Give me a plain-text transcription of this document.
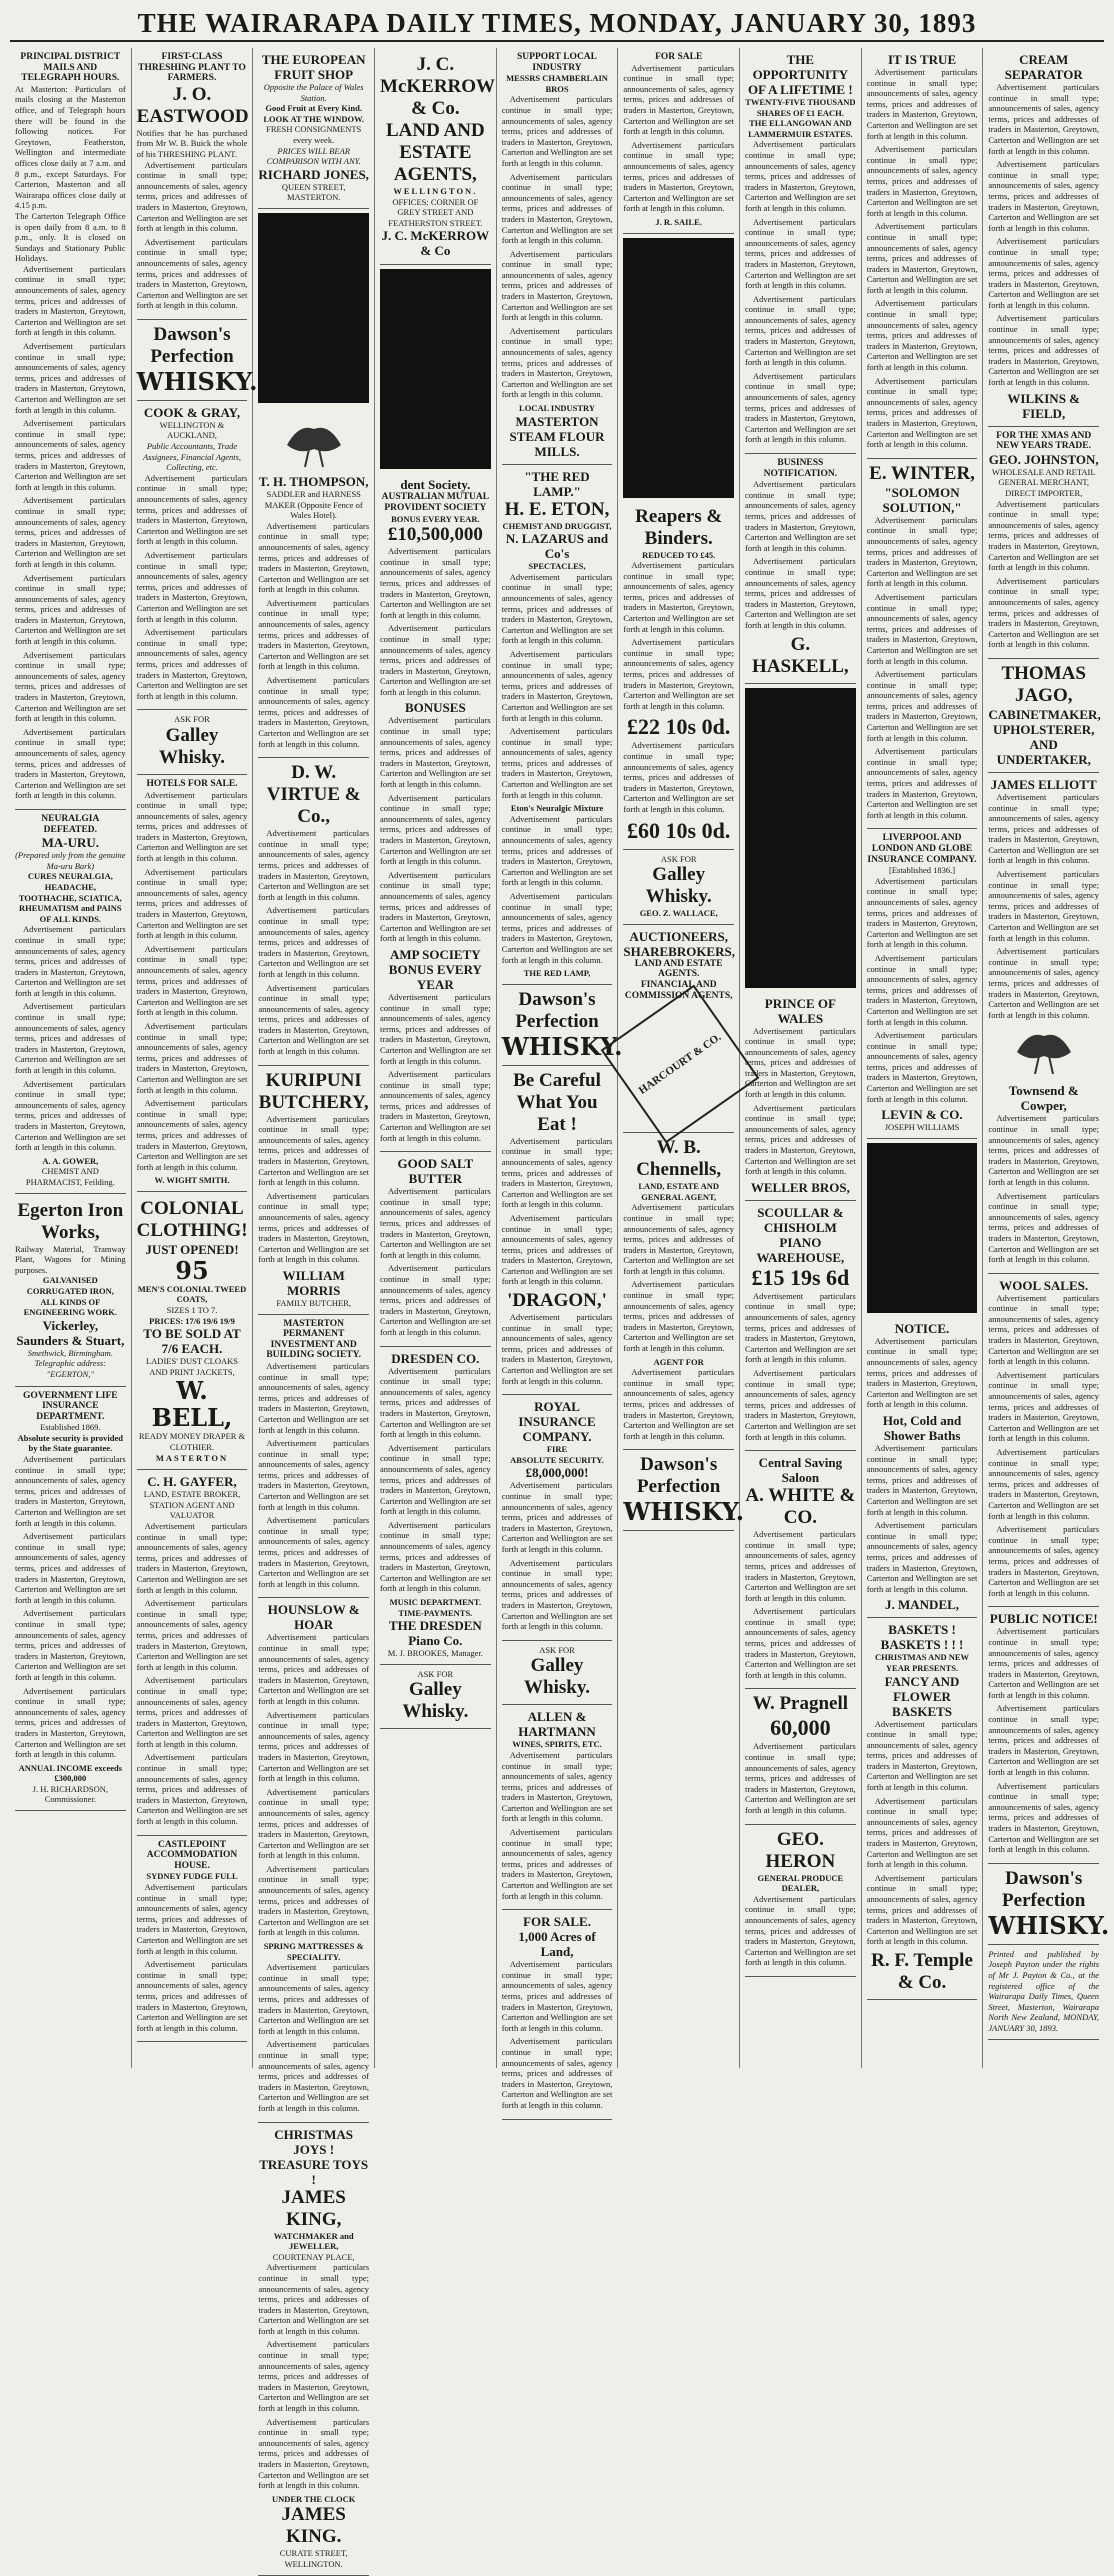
THE WAIRARAPA DAILY TIMES, MONDAY, JANUARY 30, 1893
PRINCIPAL DISTRICT MAILS AND TELEGRAPH HOURS.
At Masterton: Particulars of mails closing at the Masterton office, and of Telegraph hours there will be found in the following notices. For Greytown, Featherston, Wellington and intermediate offices close daily at 7 a.m. and 8 p.m., except Saturdays. For Carterton, Masterton and all Wairarapa offices close daily at 4.15 p.m.
The Carterton Telegraph Office is open daily from 8 a.m. to 8 p.m., only. It is closed on Sundays and Stationary Public Holidays.

Advertisement particulars continue in small type; announcements of sales, agency terms, prices and addresses of traders in Masterton, Greytown, Carterton and Wellington are set forth at length in this column.

Advertisement particulars continue in small type; announcements of sales, agency terms, prices and addresses of traders in Masterton, Greytown, Carterton and Wellington are set forth at length in this column.

Advertisement particulars continue in small type; announcements of sales, agency terms, prices and addresses of traders in Masterton, Greytown, Carterton and Wellington are set forth at length in this column.

Advertisement particulars continue in small type; announcements of sales, agency terms, prices and addresses of traders in Masterton, Greytown, Carterton and Wellington are set forth at length in this column.

Advertisement particulars continue in small type; announcements of sales, agency terms, prices and addresses of traders in Masterton, Greytown, Carterton and Wellington are set forth at length in this column.

Advertisement particulars continue in small type; announcements of sales, agency terms, prices and addresses of traders in Masterton, Greytown, Carterton and Wellington are set forth at length in this column.

Advertisement particulars continue in small type; announcements of sales, agency terms, prices and addresses of traders in Masterton, Greytown, Carterton and Wellington are set forth at length in this column.

NEURALGIA DEFEATED.
MA-URU.
(Prepared only from the genuine Ma-uru Bark)
CURES NEURALGIA, HEADACHE, TOOTHACHE, SCIATICA, RHEUMATISM and PAINS OF ALL KINDS.

Advertisement particulars continue in small type; announcements of sales, agency terms, prices and addresses of traders in Masterton, Greytown, Carterton and Wellington are set forth at length in this column.

Advertisement particulars continue in small type; announcements of sales, agency terms, prices and addresses of traders in Masterton, Greytown, Carterton and Wellington are set forth at length in this column.

Advertisement particulars continue in small type; announcements of sales, agency terms, prices and addresses of traders in Masterton, Greytown, Carterton and Wellington are set forth at length in this column.

A. A. GOWER,
CHEMIST AND PHARMACIST, Feilding.
Egerton Iron Works,
Railway Material, Tramway Plant, Wagons for Mining purposes.
GALVANISED CORRUGATED IRON,
ALL KINDS OF ENGINEERING WORK.
Vickerley, Saunders & Stuart,
Smethwick, Birmingham.
Telegraphic address: "EGERTON,"
GOVERNMENT LIFE INSURANCE DEPARTMENT.
Established 1869.
Absolute security is provided by the State guarantee.

Advertisement particulars continue in small type; announcements of sales, agency terms, prices and addresses of traders in Masterton, Greytown, Carterton and Wellington are set forth at length in this column.

Advertisement particulars continue in small type; announcements of sales, agency terms, prices and addresses of traders in Masterton, Greytown, Carterton and Wellington are set forth at length in this column.

Advertisement particulars continue in small type; announcements of sales, agency terms, prices and addresses of traders in Masterton, Greytown, Carterton and Wellington are set forth at length in this column.

Advertisement particulars continue in small type; announcements of sales, agency terms, prices and addresses of traders in Masterton, Greytown, Carterton and Wellington are set forth at length in this column.

ANNUAL INCOME exceeds £300,000
J. H. RICHARDSON, Commissioner.
FIRST-CLASS THRESHING PLANT TO FARMERS.
J. O. EASTWOOD
Notifies that he has purchased from Mr W. B. Buick the whole of his THRESHING PLANT.

Advertisement particulars continue in small type; announcements of sales, agency terms, prices and addresses of traders in Masterton, Greytown, Carterton and Wellington are set forth at length in this column.

Advertisement particulars continue in small type; announcements of sales, agency terms, prices and addresses of traders in Masterton, Greytown, Carterton and Wellington are set forth at length in this column.

Dawson's Perfection
WHISKY.
COOK & GRAY,
WELLINGTON & AUCKLAND,
Public Accountants, Trade Assignees, Financial Agents, Collecting, etc.

Advertisement particulars continue in small type; announcements of sales, agency terms, prices and addresses of traders in Masterton, Greytown, Carterton and Wellington are set forth at length in this column.

Advertisement particulars continue in small type; announcements of sales, agency terms, prices and addresses of traders in Masterton, Greytown, Carterton and Wellington are set forth at length in this column.

Advertisement particulars continue in small type; announcements of sales, agency terms, prices and addresses of traders in Masterton, Greytown, Carterton and Wellington are set forth at length in this column.

ASK FOR
Galley Whisky.
HOTELS FOR SALE.

Advertisement particulars continue in small type; announcements of sales, agency terms, prices and addresses of traders in Masterton, Greytown, Carterton and Wellington are set forth at length in this column.

Advertisement particulars continue in small type; announcements of sales, agency terms, prices and addresses of traders in Masterton, Greytown, Carterton and Wellington are set forth at length in this column.

Advertisement particulars continue in small type; announcements of sales, agency terms, prices and addresses of traders in Masterton, Greytown, Carterton and Wellington are set forth at length in this column.

Advertisement particulars continue in small type; announcements of sales, agency terms, prices and addresses of traders in Masterton, Greytown, Carterton and Wellington are set forth at length in this column.

Advertisement particulars continue in small type; announcements of sales, agency terms, prices and addresses of traders in Masterton, Greytown, Carterton and Wellington are set forth at length in this column.

W. WIGHT SMITH.
COLONIAL CLOTHING!
JUST OPENED!
95
MEN'S COLONIAL TWEED COATS,
SIZES 1 TO 7.
PRICES: 17/6 19/6 19/9
TO BE SOLD AT 7/6 EACH.
LADIES' DUST CLOAKS AND PRINT JACKETS,
W. BELL,
READY MONEY DRAPER & CLOTHIER.
MASTERTON
C. H. GAYFER,
LAND, ESTATE BROKER, STATION AGENT AND VALUATOR

Advertisement particulars continue in small type; announcements of sales, agency terms, prices and addresses of traders in Masterton, Greytown, Carterton and Wellington are set forth at length in this column.

Advertisement particulars continue in small type; announcements of sales, agency terms, prices and addresses of traders in Masterton, Greytown, Carterton and Wellington are set forth at length in this column.

Advertisement particulars continue in small type; announcements of sales, agency terms, prices and addresses of traders in Masterton, Greytown, Carterton and Wellington are set forth at length in this column.

Advertisement particulars continue in small type; announcements of sales, agency terms, prices and addresses of traders in Masterton, Greytown, Carterton and Wellington are set forth at length in this column.

CASTLEPOINT ACCOMMODATION HOUSE.
SYDNEY FUDGE FULL

Advertisement particulars continue in small type; announcements of sales, agency terms, prices and addresses of traders in Masterton, Greytown, Carterton and Wellington are set forth at length in this column.

Advertisement particulars continue in small type; announcements of sales, agency terms, prices and addresses of traders in Masterton, Greytown, Carterton and Wellington are set forth at length in this column.

THE EUROPEAN FRUIT SHOP
Opposite the Palace of Wales Station.
Good Fruit at Every Kind.
LOOK AT THE WINDOW.
FRESH CONSIGNMENTS every week.
PRICES WILL BEAR COMPARISON WITH ANY.
RICHARD JONES,
QUEEN STREET, MASTERTON.
T. H. THOMPSON,
SADDLER and HARNESS MAKER (Opposite Fence of Wales Hotel).

Advertisement particulars continue in small type; announcements of sales, agency terms, prices and addresses of traders in Masterton, Greytown, Carterton and Wellington are set forth at length in this column.

Advertisement particulars continue in small type; announcements of sales, agency terms, prices and addresses of traders in Masterton, Greytown, Carterton and Wellington are set forth at length in this column.

Advertisement particulars continue in small type; announcements of sales, agency terms, prices and addresses of traders in Masterton, Greytown, Carterton and Wellington are set forth at length in this column.

D. W. VIRTUE & Co.,

Advertisement particulars continue in small type; announcements of sales, agency terms, prices and addresses of traders in Masterton, Greytown, Carterton and Wellington are set forth at length in this column.

Advertisement particulars continue in small type; announcements of sales, agency terms, prices and addresses of traders in Masterton, Greytown, Carterton and Wellington are set forth at length in this column.

Advertisement particulars continue in small type; announcements of sales, agency terms, prices and addresses of traders in Masterton, Greytown, Carterton and Wellington are set forth at length in this column.

KURIPUNI BUTCHERY,

Advertisement particulars continue in small type; announcements of sales, agency terms, prices and addresses of traders in Masterton, Greytown, Carterton and Wellington are set forth at length in this column.

Advertisement particulars continue in small type; announcements of sales, agency terms, prices and addresses of traders in Masterton, Greytown, Carterton and Wellington are set forth at length in this column.

WILLIAM MORRIS
FAMILY BUTCHER,
MASTERTON PERMANENT INVESTMENT AND BUILDING SOCIETY.

Advertisement particulars continue in small type; announcements of sales, agency terms, prices and addresses of traders in Masterton, Greytown, Carterton and Wellington are set forth at length in this column.

Advertisement particulars continue in small type; announcements of sales, agency terms, prices and addresses of traders in Masterton, Greytown, Carterton and Wellington are set forth at length in this column.

Advertisement particulars continue in small type; announcements of sales, agency terms, prices and addresses of traders in Masterton, Greytown, Carterton and Wellington are set forth at length in this column.

HOUNSLOW & HOAR

Advertisement particulars continue in small type; announcements of sales, agency terms, prices and addresses of traders in Masterton, Greytown, Carterton and Wellington are set forth at length in this column.

Advertisement particulars continue in small type; announcements of sales, agency terms, prices and addresses of traders in Masterton, Greytown, Carterton and Wellington are set forth at length in this column.

Advertisement particulars continue in small type; announcements of sales, agency terms, prices and addresses of traders in Masterton, Greytown, Carterton and Wellington are set forth at length in this column.

Advertisement particulars continue in small type; announcements of sales, agency terms, prices and addresses of traders in Masterton, Greytown, Carterton and Wellington are set forth at length in this column.

SPRING MATTRESSES & SPECIALITY.

Advertisement particulars continue in small type; announcements of sales, agency terms, prices and addresses of traders in Masterton, Greytown, Carterton and Wellington are set forth at length in this column.

Advertisement particulars continue in small type; announcements of sales, agency terms, prices and addresses of traders in Masterton, Greytown, Carterton and Wellington are set forth at length in this column.

CHRISTMAS JOYS !
TREASURE TOYS !
JAMES KING,
WATCHMAKER and JEWELLER,
COURTENAY PLACE,

Advertisement particulars continue in small type; announcements of sales, agency terms, prices and addresses of traders in Masterton, Greytown, Carterton and Wellington are set forth at length in this column.

Advertisement particulars continue in small type; announcements of sales, agency terms, prices and addresses of traders in Masterton, Greytown, Carterton and Wellington are set forth at length in this column.

Advertisement particulars continue in small type; announcements of sales, agency terms, prices and addresses of traders in Masterton, Greytown, Carterton and Wellington are set forth at length in this column.

UNDER THE CLOCK
JAMES KING.
CURATE STREET, WELLINGTON.
J. C. McKERROW & Co.
LAND AND ESTATE
AGENTS,
WELLINGTON.
OFFICES: CORNER OF GREY STREET AND FEATHERSTON STREET.
J. C. McKERROW & Co
dent Society.
AUSTRALIAN MUTUAL PROVIDENT SOCIETY
BONUS EVERY YEAR.
£10,500,000

Advertisement particulars continue in small type; announcements of sales, agency terms, prices and addresses of traders in Masterton, Greytown, Carterton and Wellington are set forth at length in this column.

Advertisement particulars continue in small type; announcements of sales, agency terms, prices and addresses of traders in Masterton, Greytown, Carterton and Wellington are set forth at length in this column.

BONUSES

Advertisement particulars continue in small type; announcements of sales, agency terms, prices and addresses of traders in Masterton, Greytown, Carterton and Wellington are set forth at length in this column.

Advertisement particulars continue in small type; announcements of sales, agency terms, prices and addresses of traders in Masterton, Greytown, Carterton and Wellington are set forth at length in this column.

Advertisement particulars continue in small type; announcements of sales, agency terms, prices and addresses of traders in Masterton, Greytown, Carterton and Wellington are set forth at length in this column.

AMP SOCIETY
BONUS EVERY YEAR

Advertisement particulars continue in small type; announcements of sales, agency terms, prices and addresses of traders in Masterton, Greytown, Carterton and Wellington are set forth at length in this column.

Advertisement particulars continue in small type; announcements of sales, agency terms, prices and addresses of traders in Masterton, Greytown, Carterton and Wellington are set forth at length in this column.

GOOD SALT BUTTER

Advertisement particulars continue in small type; announcements of sales, agency terms, prices and addresses of traders in Masterton, Greytown, Carterton and Wellington are set forth at length in this column.

Advertisement particulars continue in small type; announcements of sales, agency terms, prices and addresses of traders in Masterton, Greytown, Carterton and Wellington are set forth at length in this column.

DRESDEN CO.

Advertisement particulars continue in small type; announcements of sales, agency terms, prices and addresses of traders in Masterton, Greytown, Carterton and Wellington are set forth at length in this column.

Advertisement particulars continue in small type; announcements of sales, agency terms, prices and addresses of traders in Masterton, Greytown, Carterton and Wellington are set forth at length in this column.

Advertisement particulars continue in small type; announcements of sales, agency terms, prices and addresses of traders in Masterton, Greytown, Carterton and Wellington are set forth at length in this column.

MUSIC DEPARTMENT.
TIME-PAYMENTS.
THE DRESDEN Piano Co.
M. J. BROOKES, Manager.
ASK FOR
Galley Whisky.
SUPPORT LOCAL INDUSTRY
MESSRS CHAMBERLAIN BROS

Advertisement particulars continue in small type; announcements of sales, agency terms, prices and addresses of traders in Masterton, Greytown, Carterton and Wellington are set forth at length in this column.

Advertisement particulars continue in small type; announcements of sales, agency terms, prices and addresses of traders in Masterton, Greytown, Carterton and Wellington are set forth at length in this column.

Advertisement particulars continue in small type; announcements of sales, agency terms, prices and addresses of traders in Masterton, Greytown, Carterton and Wellington are set forth at length in this column.

Advertisement particulars continue in small type; announcements of sales, agency terms, prices and addresses of traders in Masterton, Greytown, Carterton and Wellington are set forth at length in this column.

LOCAL INDUSTRY
MASTERTON STEAM FLOUR MILLS.
"THE RED LAMP."
H. E. ETON,
CHEMIST AND DRUGGIST,
N. LAZARUS and Co's
SPECTACLES,

Advertisement particulars continue in small type; announcements of sales, agency terms, prices and addresses of traders in Masterton, Greytown, Carterton and Wellington are set forth at length in this column.

Advertisement particulars continue in small type; announcements of sales, agency terms, prices and addresses of traders in Masterton, Greytown, Carterton and Wellington are set forth at length in this column.

Advertisement particulars continue in small type; announcements of sales, agency terms, prices and addresses of traders in Masterton, Greytown, Carterton and Wellington are set forth at length in this column.

Eton's Neuralgic Mixture

Advertisement particulars continue in small type; announcements of sales, agency terms, prices and addresses of traders in Masterton, Greytown, Carterton and Wellington are set forth at length in this column.

Advertisement particulars continue in small type; announcements of sales, agency terms, prices and addresses of traders in Masterton, Greytown, Carterton and Wellington are set forth at length in this column.

THE RED LAMP,
Dawson's Perfection
WHISKY.
Be Careful What You Eat !

Advertisement particulars continue in small type; announcements of sales, agency terms, prices and addresses of traders in Masterton, Greytown, Carterton and Wellington are set forth at length in this column.

Advertisement particulars continue in small type; announcements of sales, agency terms, prices and addresses of traders in Masterton, Greytown, Carterton and Wellington are set forth at length in this column.

'DRAGON,'

Advertisement particulars continue in small type; announcements of sales, agency terms, prices and addresses of traders in Masterton, Greytown, Carterton and Wellington are set forth at length in this column.

ROYAL INSURANCE COMPANY.
FIRE
ABSOLUTE SECURITY.
£8,000,000!

Advertisement particulars continue in small type; announcements of sales, agency terms, prices and addresses of traders in Masterton, Greytown, Carterton and Wellington are set forth at length in this column.

Advertisement particulars continue in small type; announcements of sales, agency terms, prices and addresses of traders in Masterton, Greytown, Carterton and Wellington are set forth at length in this column.

ASK FOR
Galley Whisky.
ALLEN & HARTMANN
WINES, SPIRITS, ETC.

Advertisement particulars continue in small type; announcements of sales, agency terms, prices and addresses of traders in Masterton, Greytown, Carterton and Wellington are set forth at length in this column.

Advertisement particulars continue in small type; announcements of sales, agency terms, prices and addresses of traders in Masterton, Greytown, Carterton and Wellington are set forth at length in this column.

FOR SALE.
1,000 Acres of Land,

Advertisement particulars continue in small type; announcements of sales, agency terms, prices and addresses of traders in Masterton, Greytown, Carterton and Wellington are set forth at length in this column.

Advertisement particulars continue in small type; announcements of sales, agency terms, prices and addresses of traders in Masterton, Greytown, Carterton and Wellington are set forth at length in this column.

FOR SALE

Advertisement particulars continue in small type; announcements of sales, agency terms, prices and addresses of traders in Masterton, Greytown, Carterton and Wellington are set forth at length in this column.

Advertisement particulars continue in small type; announcements of sales, agency terms, prices and addresses of traders in Masterton, Greytown, Carterton and Wellington are set forth at length in this column.

J. R. SAILE.
Reapers & Binders.
REDUCED TO £45.

Advertisement particulars continue in small type; announcements of sales, agency terms, prices and addresses of traders in Masterton, Greytown, Carterton and Wellington are set forth at length in this column.

Advertisement particulars continue in small type; announcements of sales, agency terms, prices and addresses of traders in Masterton, Greytown, Carterton and Wellington are set forth at length in this column.

£22 10s 0d.

Advertisement particulars continue in small type; announcements of sales, agency terms, prices and addresses of traders in Masterton, Greytown, Carterton and Wellington are set forth at length in this column.

£60 10s 0d.
ASK FOR
Galley Whisky.
GEO. Z. WALLACE,
AUCTIONEERS,
SHAREBROKERS,
LAND AND ESTATE AGENTS.
FINANCIAL AND COMMISSION AGENTS,
HARCOURT & CO.
W. B. Chennells,
LAND, ESTATE AND GENERAL AGENT,

Advertisement particulars continue in small type; announcements of sales, agency terms, prices and addresses of traders in Masterton, Greytown, Carterton and Wellington are set forth at length in this column.

Advertisement particulars continue in small type; announcements of sales, agency terms, prices and addresses of traders in Masterton, Greytown, Carterton and Wellington are set forth at length in this column.

AGENT FOR

Advertisement particulars continue in small type; announcements of sales, agency terms, prices and addresses of traders in Masterton, Greytown, Carterton and Wellington are set forth at length in this column.

Dawson's Perfection
WHISKY.
THE OPPORTUNITY OF A LIFETIME !
TWENTY-FIVE THOUSAND SHARES OF £1 EACH.
THE ELLANGOWAN AND LAMMERMUIR ESTATES.

Advertisement particulars continue in small type; announcements of sales, agency terms, prices and addresses of traders in Masterton, Greytown, Carterton and Wellington are set forth at length in this column.

Advertisement particulars continue in small type; announcements of sales, agency terms, prices and addresses of traders in Masterton, Greytown, Carterton and Wellington are set forth at length in this column.

Advertisement particulars continue in small type; announcements of sales, agency terms, prices and addresses of traders in Masterton, Greytown, Carterton and Wellington are set forth at length in this column.

Advertisement particulars continue in small type; announcements of sales, agency terms, prices and addresses of traders in Masterton, Greytown, Carterton and Wellington are set forth at length in this column.

BUSINESS NOTIFICATION.

Advertisement particulars continue in small type; announcements of sales, agency terms, prices and addresses of traders in Masterton, Greytown, Carterton and Wellington are set forth at length in this column.

Advertisement particulars continue in small type; announcements of sales, agency terms, prices and addresses of traders in Masterton, Greytown, Carterton and Wellington are set forth at length in this column.

G. HASKELL,
PRINCE OF WALES

Advertisement particulars continue in small type; announcements of sales, agency terms, prices and addresses of traders in Masterton, Greytown, Carterton and Wellington are set forth at length in this column.

Advertisement particulars continue in small type; announcements of sales, agency terms, prices and addresses of traders in Masterton, Greytown, Carterton and Wellington are set forth at length in this column.

WELLER BROS,
SCOULLAR & CHISHOLM
PIANO WAREHOUSE,
£15 19s 6d

Advertisement particulars continue in small type; announcements of sales, agency terms, prices and addresses of traders in Masterton, Greytown, Carterton and Wellington are set forth at length in this column.

Advertisement particulars continue in small type; announcements of sales, agency terms, prices and addresses of traders in Masterton, Greytown, Carterton and Wellington are set forth at length in this column.

Central Saving Saloon
A. WHITE & CO.

Advertisement particulars continue in small type; announcements of sales, agency terms, prices and addresses of traders in Masterton, Greytown, Carterton and Wellington are set forth at length in this column.

Advertisement particulars continue in small type; announcements of sales, agency terms, prices and addresses of traders in Masterton, Greytown, Carterton and Wellington are set forth at length in this column.

W. Pragnell
60,000

Advertisement particulars continue in small type; announcements of sales, agency terms, prices and addresses of traders in Masterton, Greytown, Carterton and Wellington are set forth at length in this column.

GEO. HERON
GENERAL PRODUCE DEALER,

Advertisement particulars continue in small type; announcements of sales, agency terms, prices and addresses of traders in Masterton, Greytown, Carterton and Wellington are set forth at length in this column.

IT IS TRUE

Advertisement particulars continue in small type; announcements of sales, agency terms, prices and addresses of traders in Masterton, Greytown, Carterton and Wellington are set forth at length in this column.

Advertisement particulars continue in small type; announcements of sales, agency terms, prices and addresses of traders in Masterton, Greytown, Carterton and Wellington are set forth at length in this column.

Advertisement particulars continue in small type; announcements of sales, agency terms, prices and addresses of traders in Masterton, Greytown, Carterton and Wellington are set forth at length in this column.

Advertisement particulars continue in small type; announcements of sales, agency terms, prices and addresses of traders in Masterton, Greytown, Carterton and Wellington are set forth at length in this column.

Advertisement particulars continue in small type; announcements of sales, agency terms, prices and addresses of traders in Masterton, Greytown, Carterton and Wellington are set forth at length in this column.

E. WINTER,
"SOLOMON SOLUTION,"

Advertisement particulars continue in small type; announcements of sales, agency terms, prices and addresses of traders in Masterton, Greytown, Carterton and Wellington are set forth at length in this column.

Advertisement particulars continue in small type; announcements of sales, agency terms, prices and addresses of traders in Masterton, Greytown, Carterton and Wellington are set forth at length in this column.

Advertisement particulars continue in small type; announcements of sales, agency terms, prices and addresses of traders in Masterton, Greytown, Carterton and Wellington are set forth at length in this column.

Advertisement particulars continue in small type; announcements of sales, agency terms, prices and addresses of traders in Masterton, Greytown, Carterton and Wellington are set forth at length in this column.

LIVERPOOL AND LONDON AND GLOBE INSURANCE COMPANY.
[Established 1836.]

Advertisement particulars continue in small type; announcements of sales, agency terms, prices and addresses of traders in Masterton, Greytown, Carterton and Wellington are set forth at length in this column.

Advertisement particulars continue in small type; announcements of sales, agency terms, prices and addresses of traders in Masterton, Greytown, Carterton and Wellington are set forth at length in this column.

Advertisement particulars continue in small type; announcements of sales, agency terms, prices and addresses of traders in Masterton, Greytown, Carterton and Wellington are set forth at length in this column.

LEVIN & CO.
JOSEPH WILLIAMS
NOTICE.

Advertisement particulars continue in small type; announcements of sales, agency terms, prices and addresses of traders in Masterton, Greytown, Carterton and Wellington are set forth at length in this column.

Hot, Cold and Shower Baths

Advertisement particulars continue in small type; announcements of sales, agency terms, prices and addresses of traders in Masterton, Greytown, Carterton and Wellington are set forth at length in this column.

Advertisement particulars continue in small type; announcements of sales, agency terms, prices and addresses of traders in Masterton, Greytown, Carterton and Wellington are set forth at length in this column.

J. MANDEL,
BASKETS !
BASKETS ! ! !
CHRISTMAS AND NEW YEAR PRESENTS.
FANCY AND FLOWER BASKETS

Advertisement particulars continue in small type; announcements of sales, agency terms, prices and addresses of traders in Masterton, Greytown, Carterton and Wellington are set forth at length in this column.

Advertisement particulars continue in small type; announcements of sales, agency terms, prices and addresses of traders in Masterton, Greytown, Carterton and Wellington are set forth at length in this column.

Advertisement particulars continue in small type; announcements of sales, agency terms, prices and addresses of traders in Masterton, Greytown, Carterton and Wellington are set forth at length in this column.

R. F. Temple & Co.
CREAM SEPARATOR

Advertisement particulars continue in small type; announcements of sales, agency terms, prices and addresses of traders in Masterton, Greytown, Carterton and Wellington are set forth at length in this column.

Advertisement particulars continue in small type; announcements of sales, agency terms, prices and addresses of traders in Masterton, Greytown, Carterton and Wellington are set forth at length in this column.

Advertisement particulars continue in small type; announcements of sales, agency terms, prices and addresses of traders in Masterton, Greytown, Carterton and Wellington are set forth at length in this column.

Advertisement particulars continue in small type; announcements of sales, agency terms, prices and addresses of traders in Masterton, Greytown, Carterton and Wellington are set forth at length in this column.

WILKINS & FIELD,
FOR THE XMAS AND NEW YEARS TRADE.
GEO. JOHNSTON,
WHOLESALE AND RETAIL GENERAL MERCHANT, DIRECT IMPORTER,

Advertisement particulars continue in small type; announcements of sales, agency terms, prices and addresses of traders in Masterton, Greytown, Carterton and Wellington are set forth at length in this column.

Advertisement particulars continue in small type; announcements of sales, agency terms, prices and addresses of traders in Masterton, Greytown, Carterton and Wellington are set forth at length in this column.

THOMAS JAGO,
CABINETMAKER,
UPHOLSTERER,
AND UNDERTAKER,
JAMES ELLIOTT

Advertisement particulars continue in small type; announcements of sales, agency terms, prices and addresses of traders in Masterton, Greytown, Carterton and Wellington are set forth at length in this column.

Advertisement particulars continue in small type; announcements of sales, agency terms, prices and addresses of traders in Masterton, Greytown, Carterton and Wellington are set forth at length in this column.

Advertisement particulars continue in small type; announcements of sales, agency terms, prices and addresses of traders in Masterton, Greytown, Carterton and Wellington are set forth at length in this column.

Townsend & Cowper,

Advertisement particulars continue in small type; announcements of sales, agency terms, prices and addresses of traders in Masterton, Greytown, Carterton and Wellington are set forth at length in this column.

Advertisement particulars continue in small type; announcements of sales, agency terms, prices and addresses of traders in Masterton, Greytown, Carterton and Wellington are set forth at length in this column.

WOOL SALES.

Advertisement particulars continue in small type; announcements of sales, agency terms, prices and addresses of traders in Masterton, Greytown, Carterton and Wellington are set forth at length in this column.

Advertisement particulars continue in small type; announcements of sales, agency terms, prices and addresses of traders in Masterton, Greytown, Carterton and Wellington are set forth at length in this column.

Advertisement particulars continue in small type; announcements of sales, agency terms, prices and addresses of traders in Masterton, Greytown, Carterton and Wellington are set forth at length in this column.

Advertisement particulars continue in small type; announcements of sales, agency terms, prices and addresses of traders in Masterton, Greytown, Carterton and Wellington are set forth at length in this column.

PUBLIC NOTICE!

Advertisement particulars continue in small type; announcements of sales, agency terms, prices and addresses of traders in Masterton, Greytown, Carterton and Wellington are set forth at length in this column.

Advertisement particulars continue in small type; announcements of sales, agency terms, prices and addresses of traders in Masterton, Greytown, Carterton and Wellington are set forth at length in this column.

Advertisement particulars continue in small type; announcements of sales, agency terms, prices and addresses of traders in Masterton, Greytown, Carterton and Wellington are set forth at length in this column.

Dawson's Perfection
WHISKY.
Printed and published by Joseph Payton under the rights of Mr J. Payton & Co., at the registered office of the Wairarapa Daily Times, Queen Street, Masterton, Wairarapa North New Zealand, MONDAY, JANUARY 30, 1893.
